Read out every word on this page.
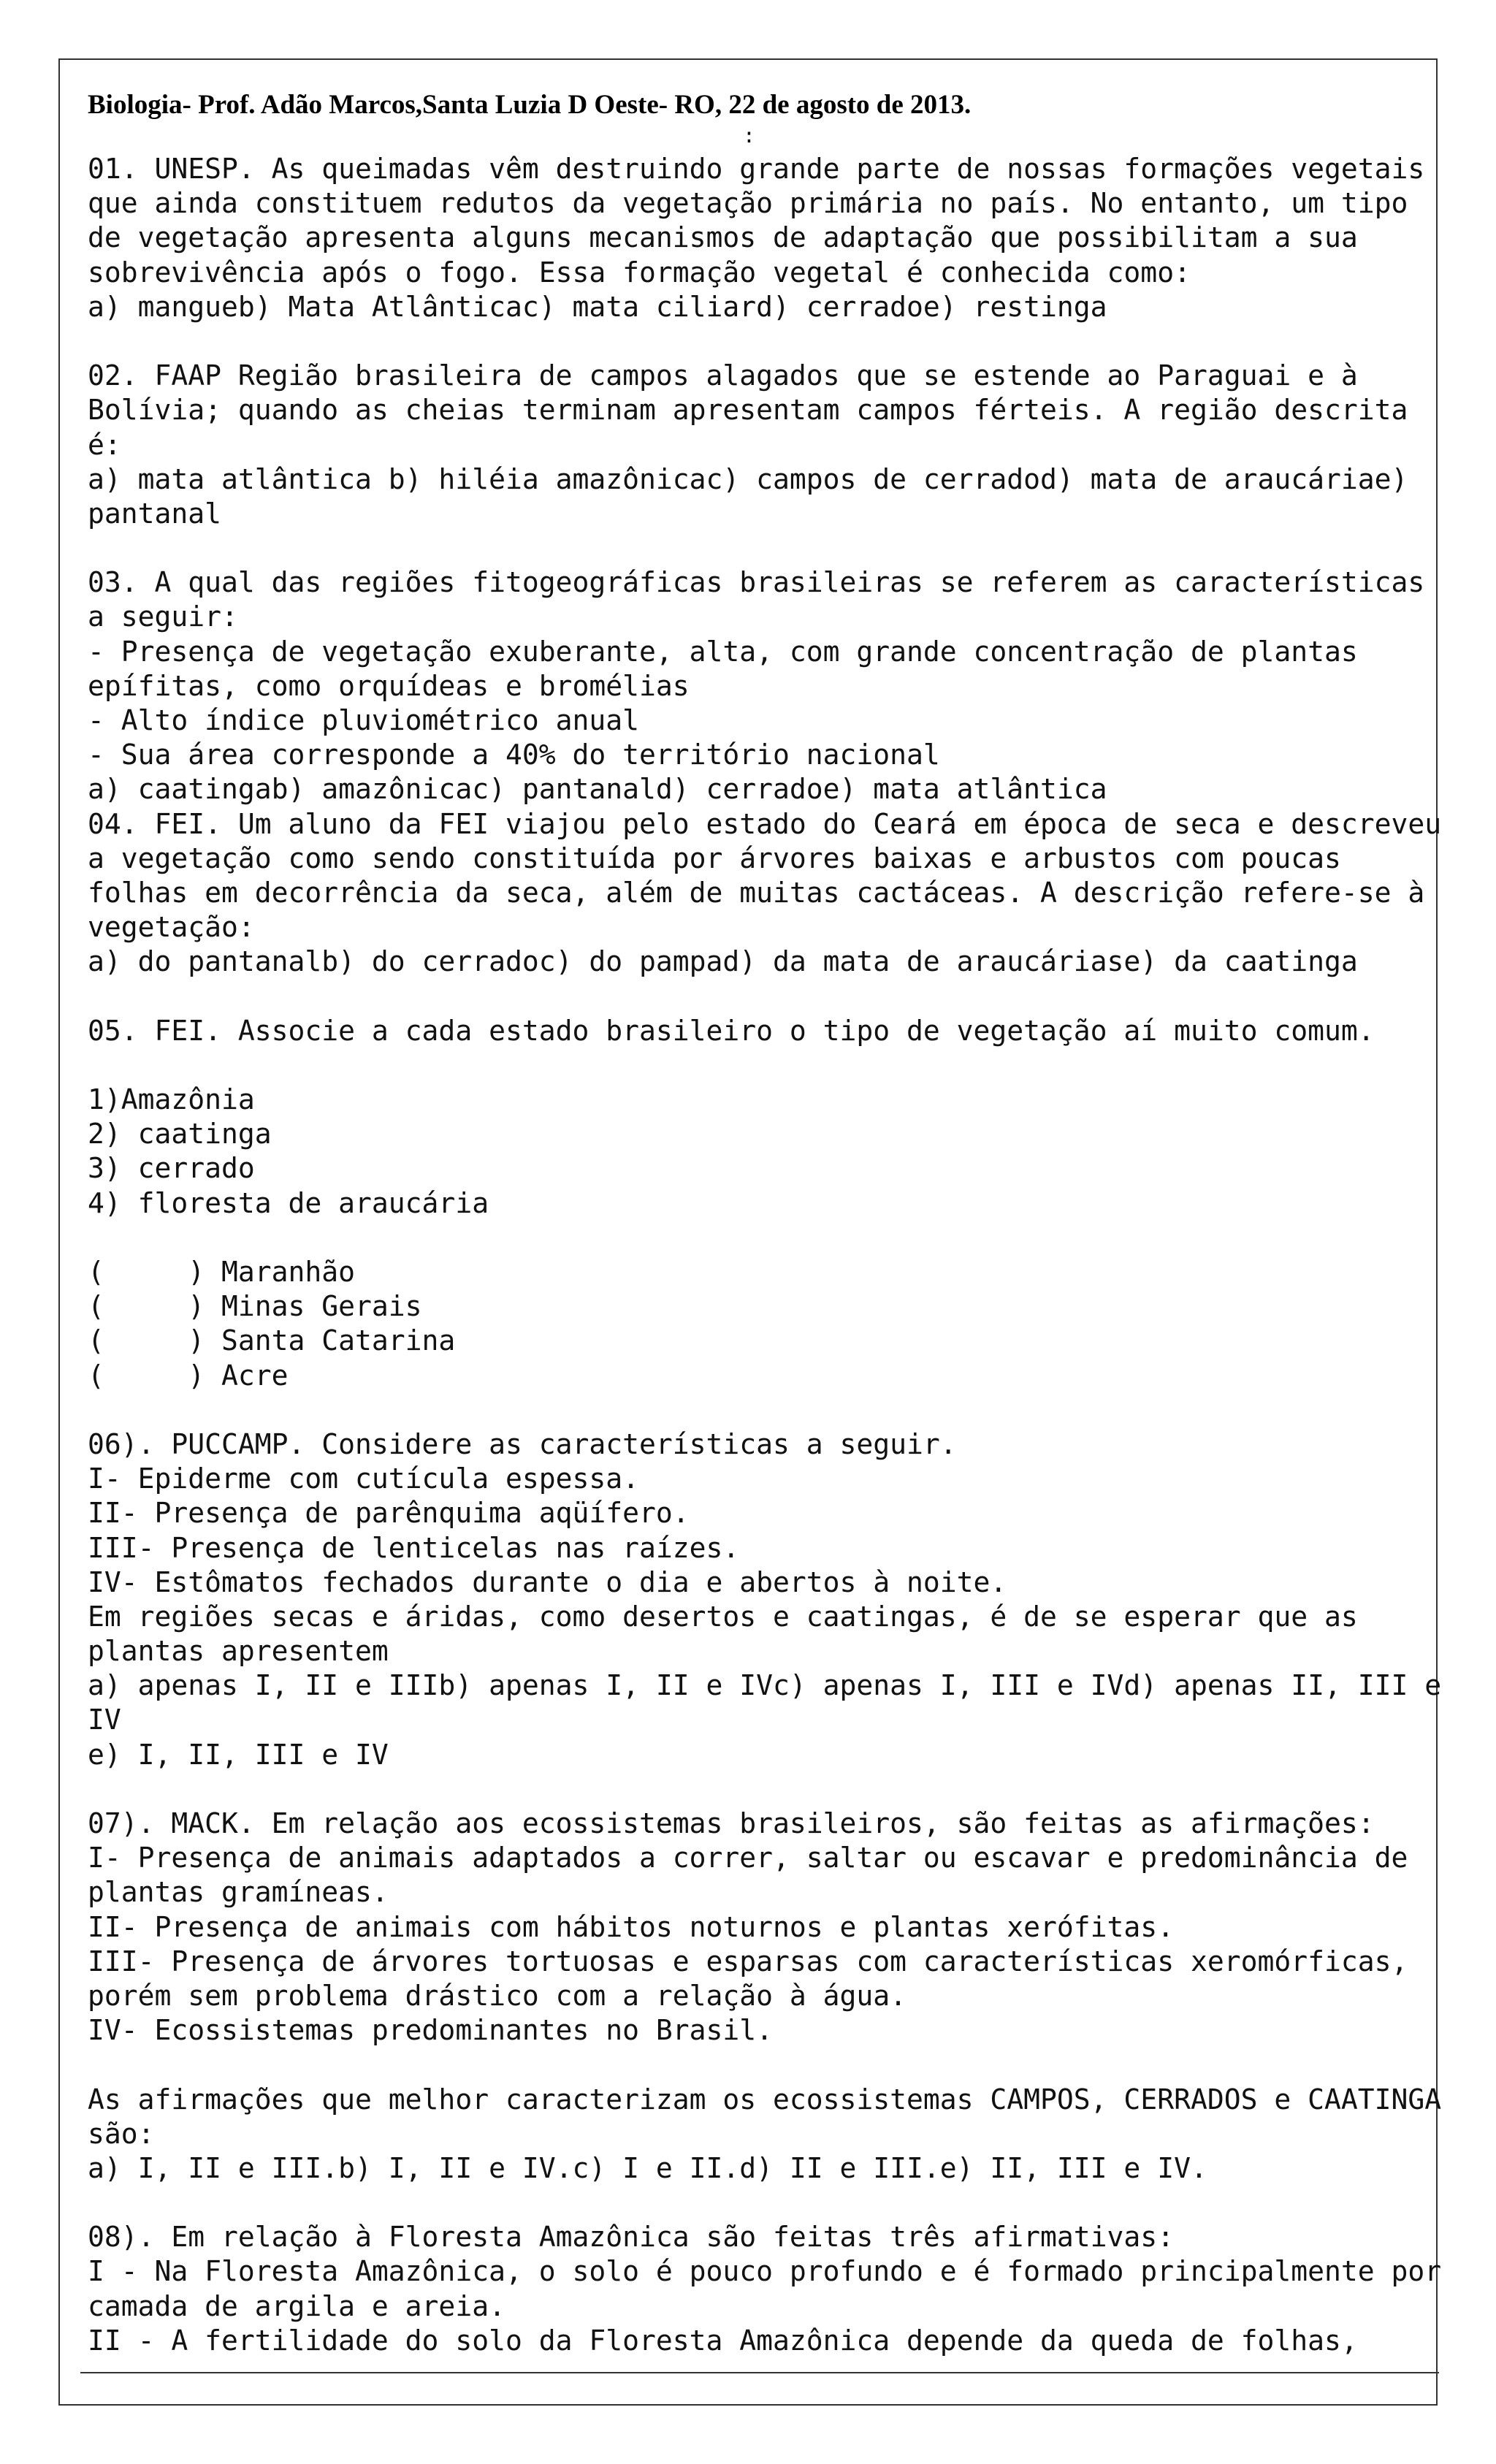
Biologia- Prof. Adão Marcos,Santa Luzia D Oeste- RO, 22 de agosto de 2013.
:
01. UNESP. As queimadas vêm destruindo grande parte de nossas formações vegetais
que ainda constituem redutos da vegetação primária no país. No entanto, um tipo
de vegetação apresenta alguns mecanismos de adaptação que possibilitam a sua
sobrevivência após o fogo. Essa formação vegetal é conhecida como:
a) mangueb) Mata Atlânticac) mata ciliard) cerradoe) restinga
02. FAAP Região brasileira de campos alagados que se estende ao Paraguai e à
Bolívia; quando as cheias terminam apresentam campos férteis. A região descrita
é:
a) mata atlântica b) hiléia amazônicac) campos de cerradod) mata de araucáriae)
pantanal
03. A qual das regiões fitogeográficas brasileiras se referem as características
a seguir:
- Presença de vegetação exuberante, alta, com grande concentração de plantas
epífitas, como orquídeas e bromélias
- Alto índice pluviométrico anual
- Sua área corresponde a 40% do território nacional
a) caatingab) amazônicac) pantanald) cerradoe) mata atlântica
04. FEI. Um aluno da FEI viajou pelo estado do Ceará em época de seca e descreveu
a vegetação como sendo constituída por árvores baixas e arbustos com poucas
folhas em decorrência da seca, além de muitas cactáceas. A descrição refere-se à
vegetação:
a) do pantanalb) do cerradoc) do pampad) da mata de araucáriase) da caatinga
05. FEI. Associe a cada estado brasileiro o tipo de vegetação aí muito comum.
1)Amazônia
2) caatinga
3) cerrado
4) floresta de araucária
(     ) Maranhão
(     ) Minas Gerais
(     ) Santa Catarina
(     ) Acre
06). PUCCAMP. Considere as características a seguir.
I- Epiderme com cutícula espessa.
II- Presença de parênquima aqüífero.
III- Presença de lenticelas nas raízes.
IV- Estômatos fechados durante o dia e abertos à noite.
Em regiões secas e áridas, como desertos e caatingas, é de se esperar que as
plantas apresentem
a) apenas I, II e IIIb) apenas I, II e IVc) apenas I, III e IVd) apenas II, III e
IV
e) I, II, III e IV
07). MACK. Em relação aos ecossistemas brasileiros, são feitas as afirmações:
I- Presença de animais adaptados a correr, saltar ou escavar e predominância de
plantas gramíneas.
II- Presença de animais com hábitos noturnos e plantas xerófitas.
III- Presença de árvores tortuosas e esparsas com características xeromórficas,
porém sem problema drástico com a relação à água.
IV- Ecossistemas predominantes no Brasil.
As afirmações que melhor caracterizam os ecossistemas CAMPOS, CERRADOS e CAATINGA
são:
a) I, II e III.b) I, II e IV.c) I e II.d) II e III.e) II, III e IV.
08). Em relação à Floresta Amazônica são feitas três afirmativas:
I - Na Floresta Amazônica, o solo é pouco profundo e é formado principalmente por
camada de argila e areia.
II - A fertilidade do solo da Floresta Amazônica depende da queda de folhas,
